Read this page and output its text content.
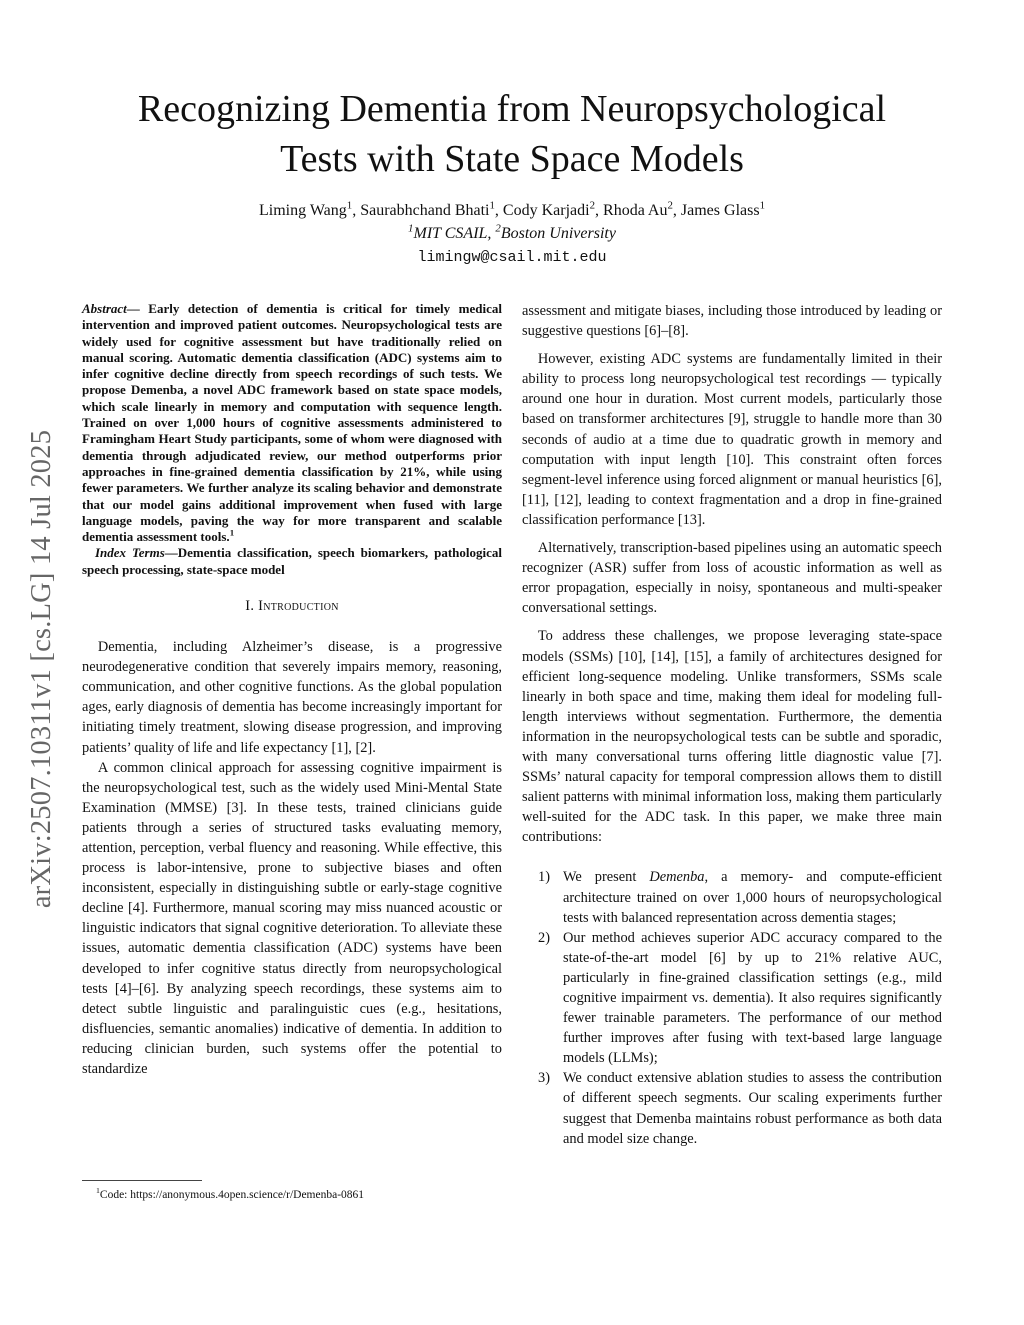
arXiv:2507.10311v1 [cs.LG] 14 Jul 2025
Recognizing Dementia from Neuropsychological
Tests with State Space Models
Liming Wang$^1$, Saurabhchand Bhati$^1$, Cody Karjadi$^2$, Rhoda Au$^2$, James Glass$^1$
$^1$MIT CSAIL, $^2$Boston University
limingw@csail.mit.edu

Abstract— Early detection of dementia is critical for timely medical intervention and improved patient outcomes. Neuropsychological tests are widely used for cognitive assessment but have traditionally relied on manual scoring. Automatic dementia classification (ADC) systems aim to infer cognitive decline directly from speech recordings of such tests. We propose Demenba, a novel ADC framework based on state space models, which scale linearly in memory and computation with sequence length. Trained on over 1,000 hours of cognitive assessments administered to Framingham Heart Study participants, some of whom were diagnosed with dementia through adjudicated review, our method outperforms prior approaches in fine-grained dementia classification by 21%, while using fewer parameters. We further analyze its scaling behavior and demonstrate that our model gains additional improvement when fused with large language models, paving the way for more transparent and scalable dementia assessment tools.$^1$

Index Terms—Dementia classification, speech biomarkers, pathological speech processing, state-space model

I. Introduction

Dementia, including Alzheimer’s disease, is a progressive neurodegenerative condition that severely impairs memory, reasoning, communication, and other cognitive functions. As the global population ages, early diagnosis of dementia has become increasingly important for initiating timely treatment, slowing disease progression, and improving patients’ quality of life and life expectancy [1], [2].

A common clinical approach for assessing cognitive impairment is the neuropsychological test, such as the widely used Mini-Mental State Examination (MMSE) [3]. In these tests, trained clinicians guide patients through a series of structured tasks evaluating memory, attention, perception, verbal fluency and reasoning. While effective, this process is labor-intensive, prone to subjective biases and often inconsistent, especially in distinguishing subtle or early-stage cognitive decline [4]. Furthermore, manual scoring may miss nuanced acoustic or linguistic indicators that signal cognitive deterioration. To alleviate these issues, automatic dementia classification (ADC) systems have been developed to infer cognitive status directly from neuropsychological tests [4]–[6]. By analyzing speech recordings, these systems aim to detect subtle linguistic and paralinguistic cues (e.g., hesitations, disfluencies, semantic anomalies) indicative of dementia. In addition to reducing clinician burden, such systems offer the potential to standardize

assessment and mitigate biases, including those introduced by leading or suggestive questions [6]–[8].

However, existing ADC systems are fundamentally limited in their ability to process long neuropsychological test recordings — typically around one hour in duration. Most current models, particularly those based on transformer architectures [9], struggle to handle more than 30 seconds of audio at a time due to quadratic growth in memory and computation with input length [10]. This constraint often forces segment-level inference using forced alignment or manual heuristics [6], [11], [12], leading to context fragmentation and a drop in fine-grained classification performance [13].

Alternatively, transcription-based pipelines using an automatic speech recognizer (ASR) suffer from loss of acoustic information as well as error propagation, especially in noisy, spontaneous and multi-speaker conversational settings.

To address these challenges, we propose leveraging state-space models (SSMs) [10], [14], [15], a family of architectures designed for efficient long-sequence modeling. Unlike transformers, SSMs scale linearly in both space and time, making them ideal for modeling full-length interviews without segmentation. Furthermore, the dementia information in the neuropsychological tests can be subtle and sporadic, with many conversational turns offering little diagnostic value [7]. SSMs’ natural capacity for temporal compression allows them to distill salient patterns with minimal information loss, making them particularly well-suited for the ADC task. In this paper, we make three main contributions:

1) We present Demenba, a memory- and compute-efficient architecture trained on over 1,000 hours of neuropsychological tests with balanced representation across dementia stages;

2) Our method achieves superior ADC accuracy compared to the state-of-the-art model [6] by up to 21% relative AUC, particularly in fine-grained classification settings (e.g., mild cognitive impairment vs. dementia). It also requires significantly fewer trainable parameters. The performance of our method further improves after fusing with text-based large language models (LLMs);

3) We conduct extensive ablation studies to assess the contribution of different speech segments. Our scaling experiments further suggest that Demenba maintains robust performance as both data and model size change.

$^1$Code: https://anonymous.4open.science/r/Demenba-0861
